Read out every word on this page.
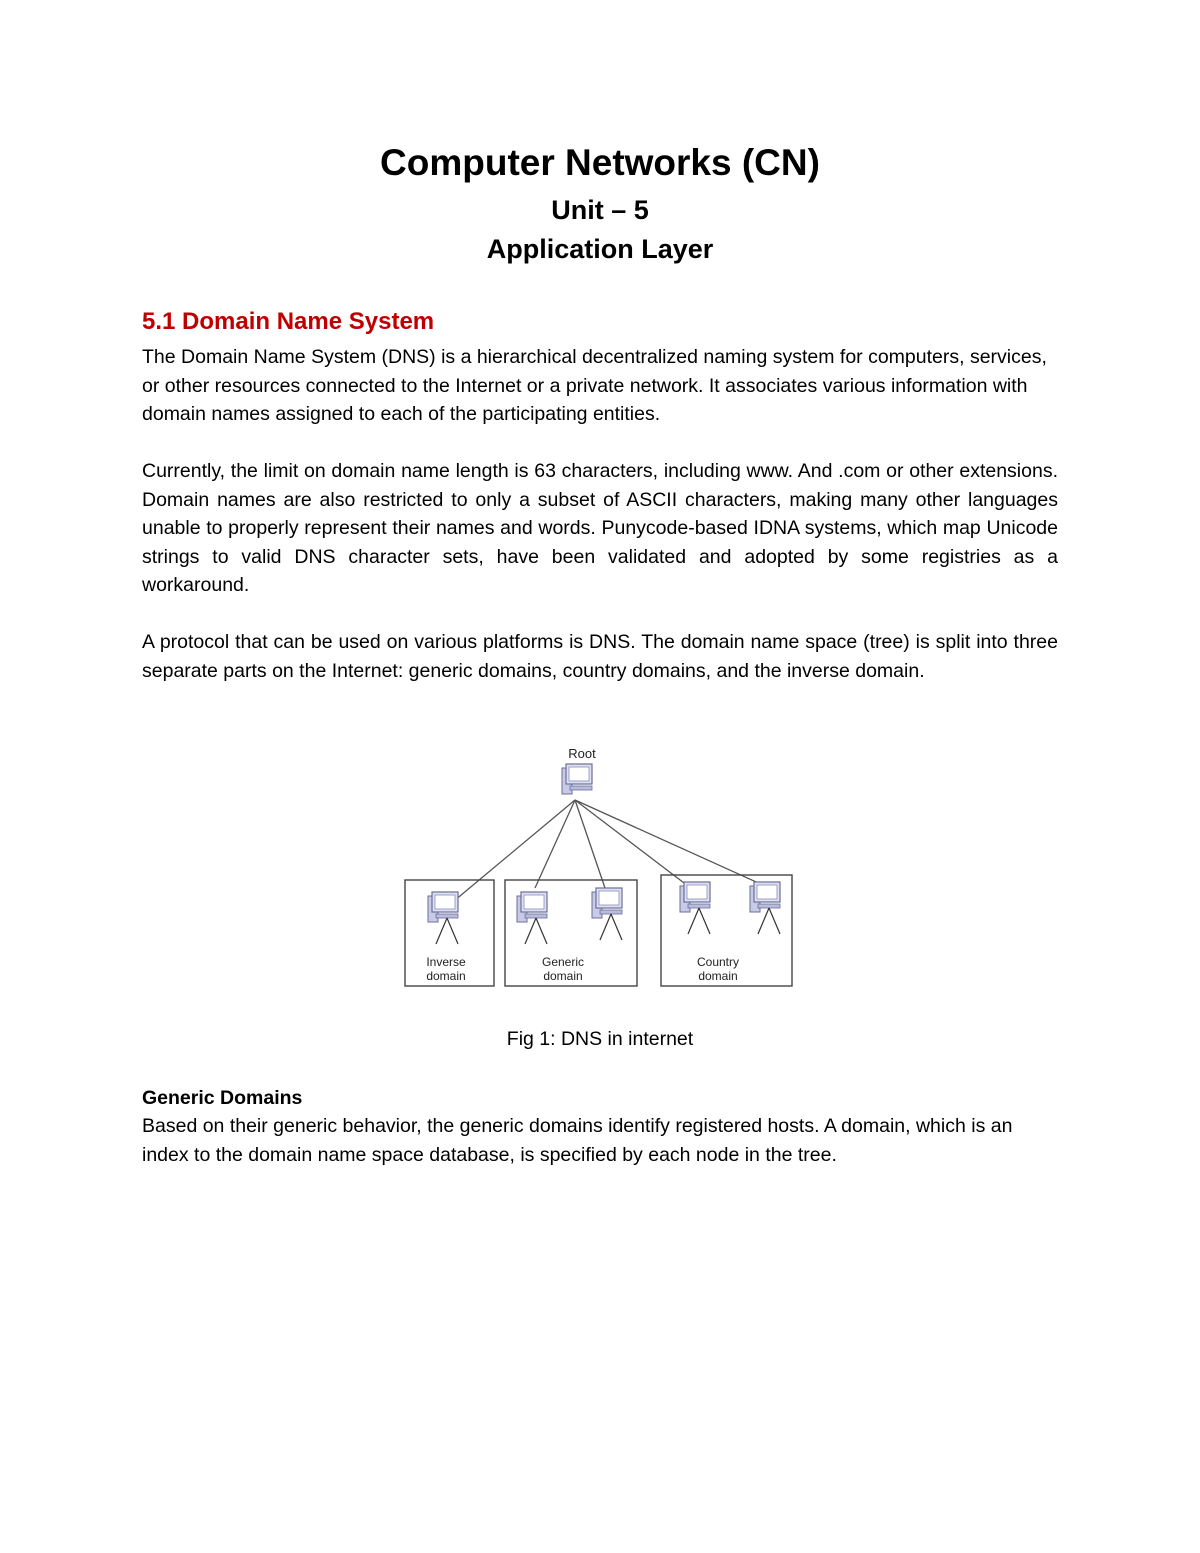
Computer Networks (CN)
Unit – 5
Application Layer
5.1 Domain Name System
The Domain Name System (DNS) is a hierarchical decentralized naming system for computers, services, or other resources connected to the Internet or a private network. It associates various information with domain names assigned to each of the participating entities.
Currently, the limit on domain name length is 63 characters, including www. And .com or other extensions. Domain names are also restricted to only a subset of ASCII characters, making many other languages unable to properly represent their names and words. Punycode-based IDNA systems, which map Unicode strings to valid DNS character sets, have been validated and adopted by some registries as a workaround.
A protocol that can be used on various platforms is DNS. The domain name space (tree) is split into three separate parts on the Internet: generic domains, country domains, and the inverse domain.
Root
Inverse
domain
Generic
domain
Country
domain
Fig 1: DNS in internet
Generic Domains
Based on their generic behavior, the generic domains identify registered hosts. A domain, which is an index to the domain name space database, is specified by each node in the tree.
